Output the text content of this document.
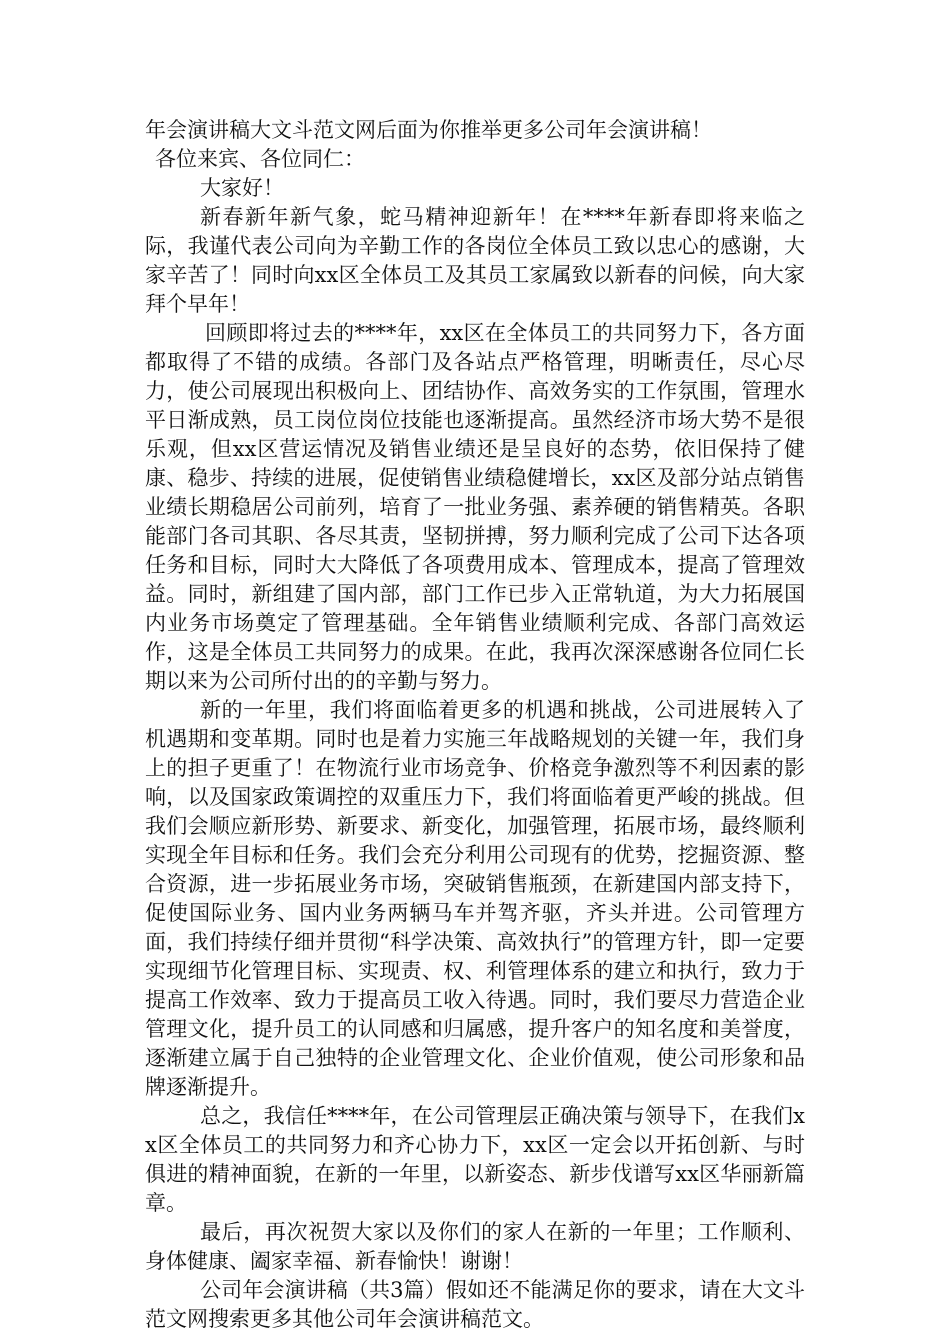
年会演讲稿大文斗范文网后面为你推举更多公司年会演讲稿！

各位来宾、各位同仁：

大家好！

新春新年新气象，蛇马精神迎新年！在****年新春即将来临之际，我谨代表公司向为辛勤工作的各岗位全体员工致以忠心的感谢，大家辛苦了！同时向xx区全体员工及其员工家属致以新春的问候，向大家拜个早年！

回顾即将过去的****年，xx区在全体员工的共同努力下，各方面都取得了不错的成绩。各部门及各站点严格管理，明晰责任，尽心尽力，使公司展现出积极向上、团结协作、高效务实的工作氛围，管理水平日渐成熟，员工岗位岗位技能也逐渐提高。虽然经济市场大势不是很乐观，但xx区营运情况及销售业绩还是呈良好的态势，依旧保持了健康、稳步、持续的进展，促使销售业绩稳健增长，xx区及部分站点销售业绩长期稳居公司前列，培育了一批业务强、素养硬的销售精英。各职能部门各司其职、各尽其责，坚韧拼搏，努力顺利完成了公司下达各项任务和目标，同时大大降低了各项费用成本、管理成本，提高了管理效益。同时，新组建了国内部，部门工作已步入正常轨道，为大力拓展国内业务市场奠定了管理基础。全年销售业绩顺利完成、各部门高效运作，这是全体员工共同努力的成果。在此，我再次深深感谢各位同仁长期以来为公司所付出的的辛勤与努力。

新的一年里，我们将面临着更多的机遇和挑战，公司进展转入了机遇期和变革期。同时也是着力实施三年战略规划的关键一年，我们身上的担子更重了！在物流行业市场竞争、价格竞争激烈等不利因素的影响，以及国家政策调控的双重压力下，我们将面临着更严峻的挑战。但我们会顺应新形势、新要求、新变化，加强管理，拓展市场，最终顺利实现全年目标和任务。我们会充分利用公司现有的优势，挖掘资源、整合资源，进一步拓展业务市场，突破销售瓶颈，在新建国内部支持下，促使国际业务、国内业务两辆马车并驾齐驱，齐头并进。公司管理方面，我们持续仔细并贯彻“科学决策、高效执行”的管理方针，即一定要实现细节化管理目标、实现责、权、利管理体系的建立和执行，致力于提高工作效率、致力于提高员工收入待遇。同时，我们要尽力营造企业管理文化，提升员工的认同感和归属感，提升客户的知名度和美誉度，逐渐建立属于自己独特的企业管理文化、企业价值观，使公司形象和品牌逐渐提升。

总之，我信任****年，在公司管理层正确决策与领导下，在我们xx区全体员工的共同努力和齐心协力下，xx区一定会以开拓创新、与时俱进的精神面貌，在新的一年里，以新姿态、新步伐谱写xx区华丽新篇章。

最后，再次祝贺大家以及你们的家人在新的一年里；工作顺利、身体健康、阖家幸福、新春愉快！谢谢！

公司年会演讲稿（共3篇）假如还不能满足你的要求，请在大文斗范文网搜索更多其他公司年会演讲稿范文。
